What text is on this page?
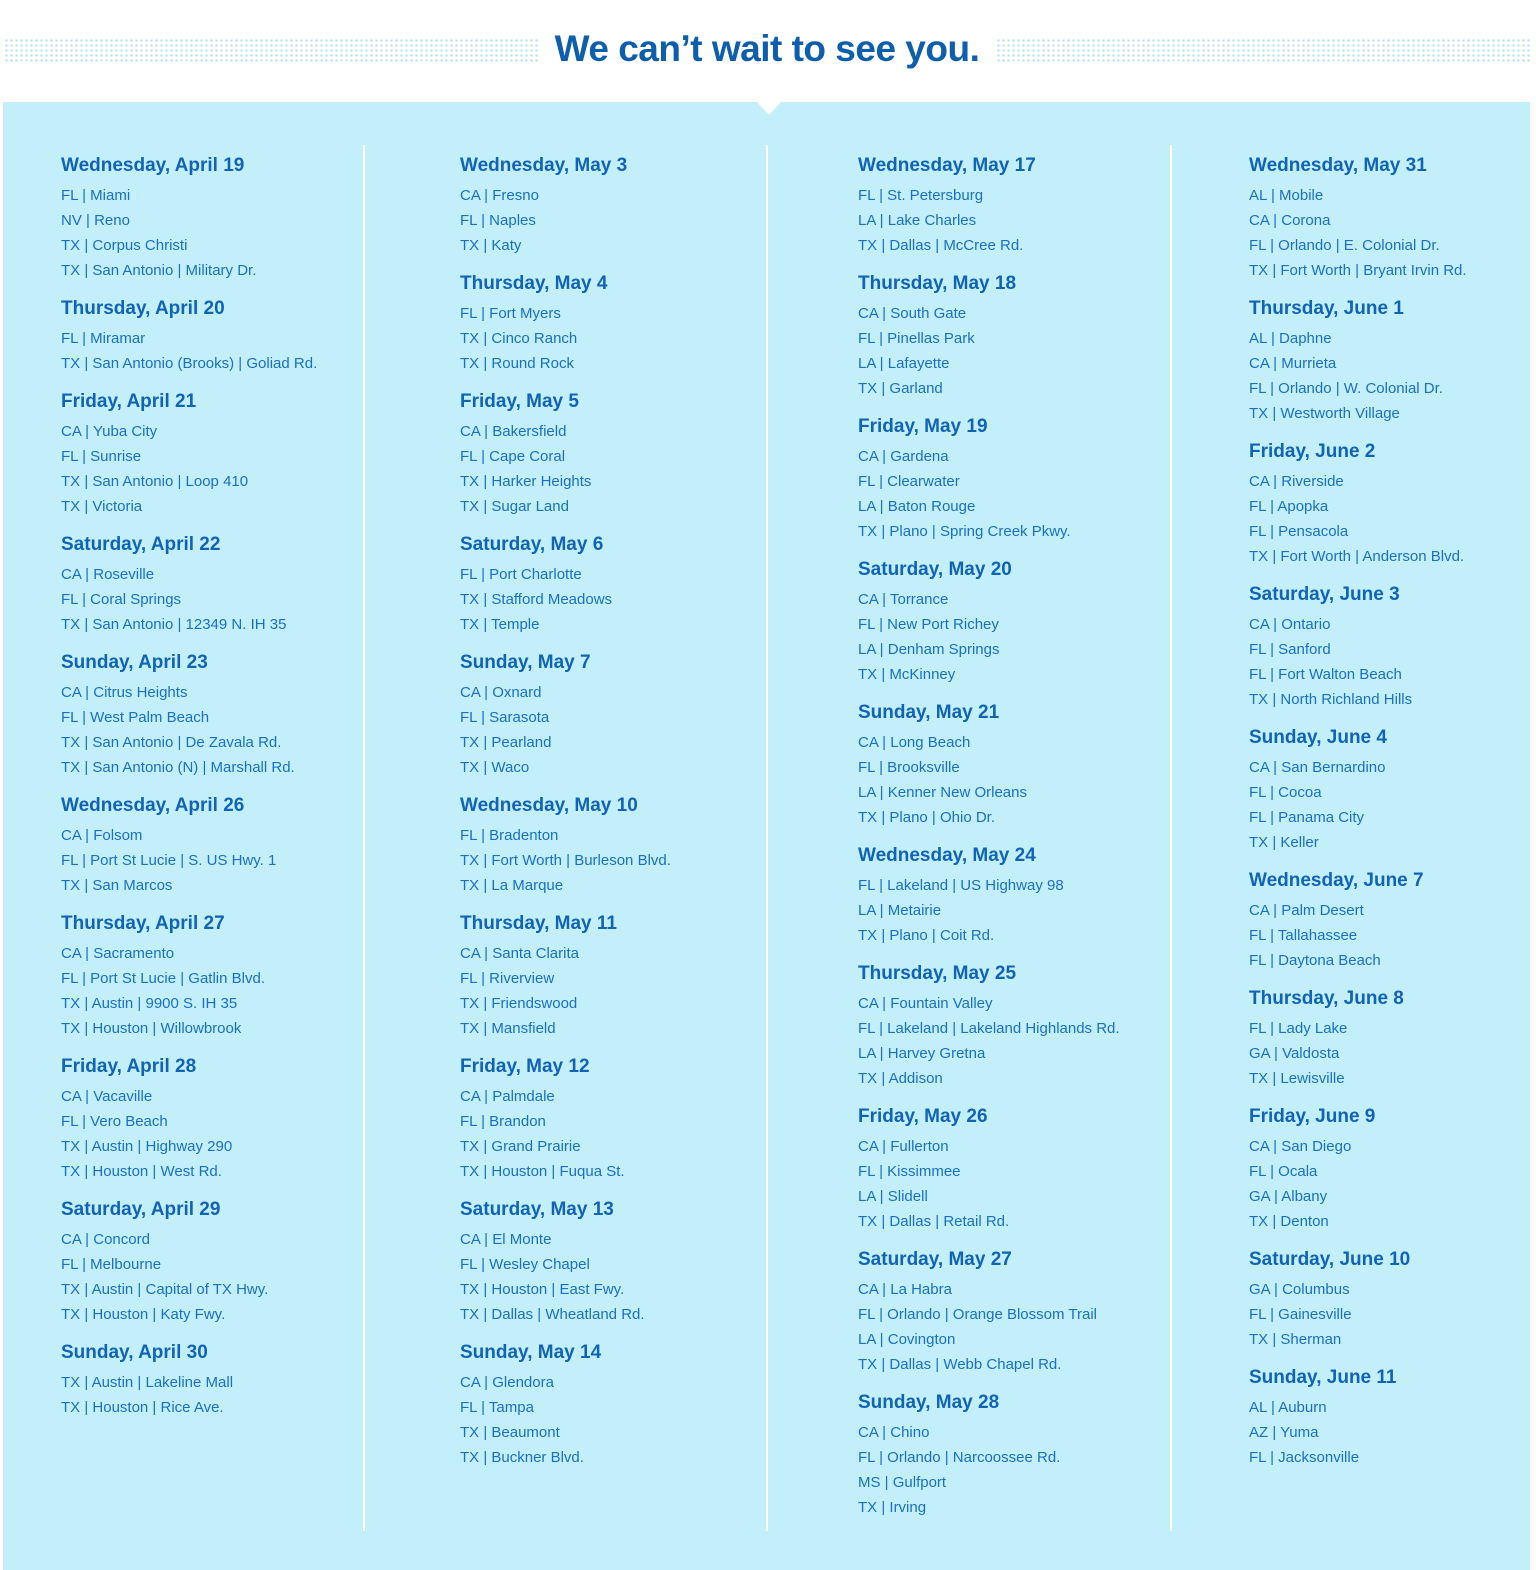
We can’t wait to see you.
Wednesday, April 19
FL | Miami
NV | Reno
TX | Corpus Christi
TX | San Antonio | Military Dr.
Thursday, April 20
FL | Miramar
TX | San Antonio (Brooks) | Goliad Rd.
Friday, April 21
CA | Yuba City
FL | Sunrise
TX | San Antonio | Loop 410
TX | Victoria
Saturday, April 22
CA | Roseville
FL | Coral Springs
TX | San Antonio | 12349 N. IH 35
Sunday, April 23
CA | Citrus Heights
FL | West Palm Beach
TX | San Antonio | De Zavala Rd.
TX | San Antonio (N) | Marshall Rd.
Wednesday, April 26
CA | Folsom
FL | Port St Lucie | S. US Hwy. 1
TX | San Marcos
Thursday, April 27
CA | Sacramento
FL | Port St Lucie | Gatlin Blvd.
TX | Austin | 9900 S. IH 35
TX | Houston | Willowbrook
Friday, April 28
CA | Vacaville
FL | Vero Beach
TX | Austin | Highway 290
TX | Houston | West Rd.
Saturday, April 29
CA | Concord
FL | Melbourne
TX | Austin | Capital of TX Hwy.
TX | Houston | Katy Fwy.
Sunday, April 30
TX | Austin | Lakeline Mall
TX | Houston | Rice Ave.
Wednesday, May 3
CA | Fresno
FL | Naples
TX | Katy
Thursday, May 4
FL | Fort Myers
TX | Cinco Ranch
TX | Round Rock
Friday, May 5
CA | Bakersfield
FL | Cape Coral
TX | Harker Heights
TX | Sugar Land
Saturday, May 6
FL | Port Charlotte
TX | Stafford Meadows
TX | Temple
Sunday, May 7
CA | Oxnard
FL | Sarasota
TX | Pearland
TX | Waco
Wednesday, May 10
FL | Bradenton
TX | Fort Worth | Burleson Blvd.
TX | La Marque
Thursday, May 11
CA | Santa Clarita
FL | Riverview
TX | Friendswood
TX | Mansfield
Friday, May 12
CA | Palmdale
FL | Brandon
TX | Grand Prairie
TX | Houston | Fuqua St.
Saturday, May 13
CA | El Monte
FL | Wesley Chapel
TX | Houston | East Fwy.
TX | Dallas | Wheatland Rd.
Sunday, May 14
CA | Glendora
FL | Tampa
TX | Beaumont
TX | Buckner Blvd.
Wednesday, May 17
FL | St. Petersburg
LA | Lake Charles
TX | Dallas | McCree Rd.
Thursday, May 18
CA | South Gate
FL | Pinellas Park
LA | Lafayette
TX | Garland
Friday, May 19
CA | Gardena
FL | Clearwater
LA | Baton Rouge
TX | Plano | Spring Creek Pkwy.
Saturday, May 20
CA | Torrance
FL | New Port Richey
LA | Denham Springs
TX | McKinney
Sunday, May 21
CA | Long Beach
FL | Brooksville
LA | Kenner New Orleans
TX | Plano | Ohio Dr.
Wednesday, May 24
FL | Lakeland | US Highway 98
LA | Metairie
TX | Plano | Coit Rd.
Thursday, May 25
CA | Fountain Valley
FL | Lakeland | Lakeland Highlands Rd.
LA | Harvey Gretna
TX | Addison
Friday, May 26
CA | Fullerton
FL | Kissimmee
LA | Slidell
TX | Dallas | Retail Rd.
Saturday, May 27
CA | La Habra
FL | Orlando | Orange Blossom Trail
LA | Covington
TX | Dallas | Webb Chapel Rd.
Sunday, May 28
CA | Chino
FL | Orlando | Narcoossee Rd.
MS | Gulfport
TX | Irving
Wednesday, May 31
AL | Mobile
CA | Corona
FL | Orlando | E. Colonial Dr.
TX | Fort Worth | Bryant Irvin Rd.
Thursday, June 1
AL | Daphne
CA | Murrieta
FL | Orlando | W. Colonial Dr.
TX | Westworth Village
Friday, June 2
CA | Riverside
FL | Apopka
FL | Pensacola
TX | Fort Worth | Anderson Blvd.
Saturday, June 3
CA | Ontario
FL | Sanford
FL | Fort Walton Beach
TX | North Richland Hills
Sunday, June 4
CA | San Bernardino
FL | Cocoa
FL | Panama City
TX | Keller
Wednesday, June 7
CA | Palm Desert
FL | Tallahassee
FL | Daytona Beach
Thursday, June 8
FL | Lady Lake
GA | Valdosta
TX | Lewisville
Friday, June 9
CA | San Diego
FL | Ocala
GA | Albany
TX | Denton
Saturday, June 10
GA | Columbus
FL | Gainesville
TX | Sherman
Sunday, June 11
AL | Auburn
AZ | Yuma
FL | Jacksonville
